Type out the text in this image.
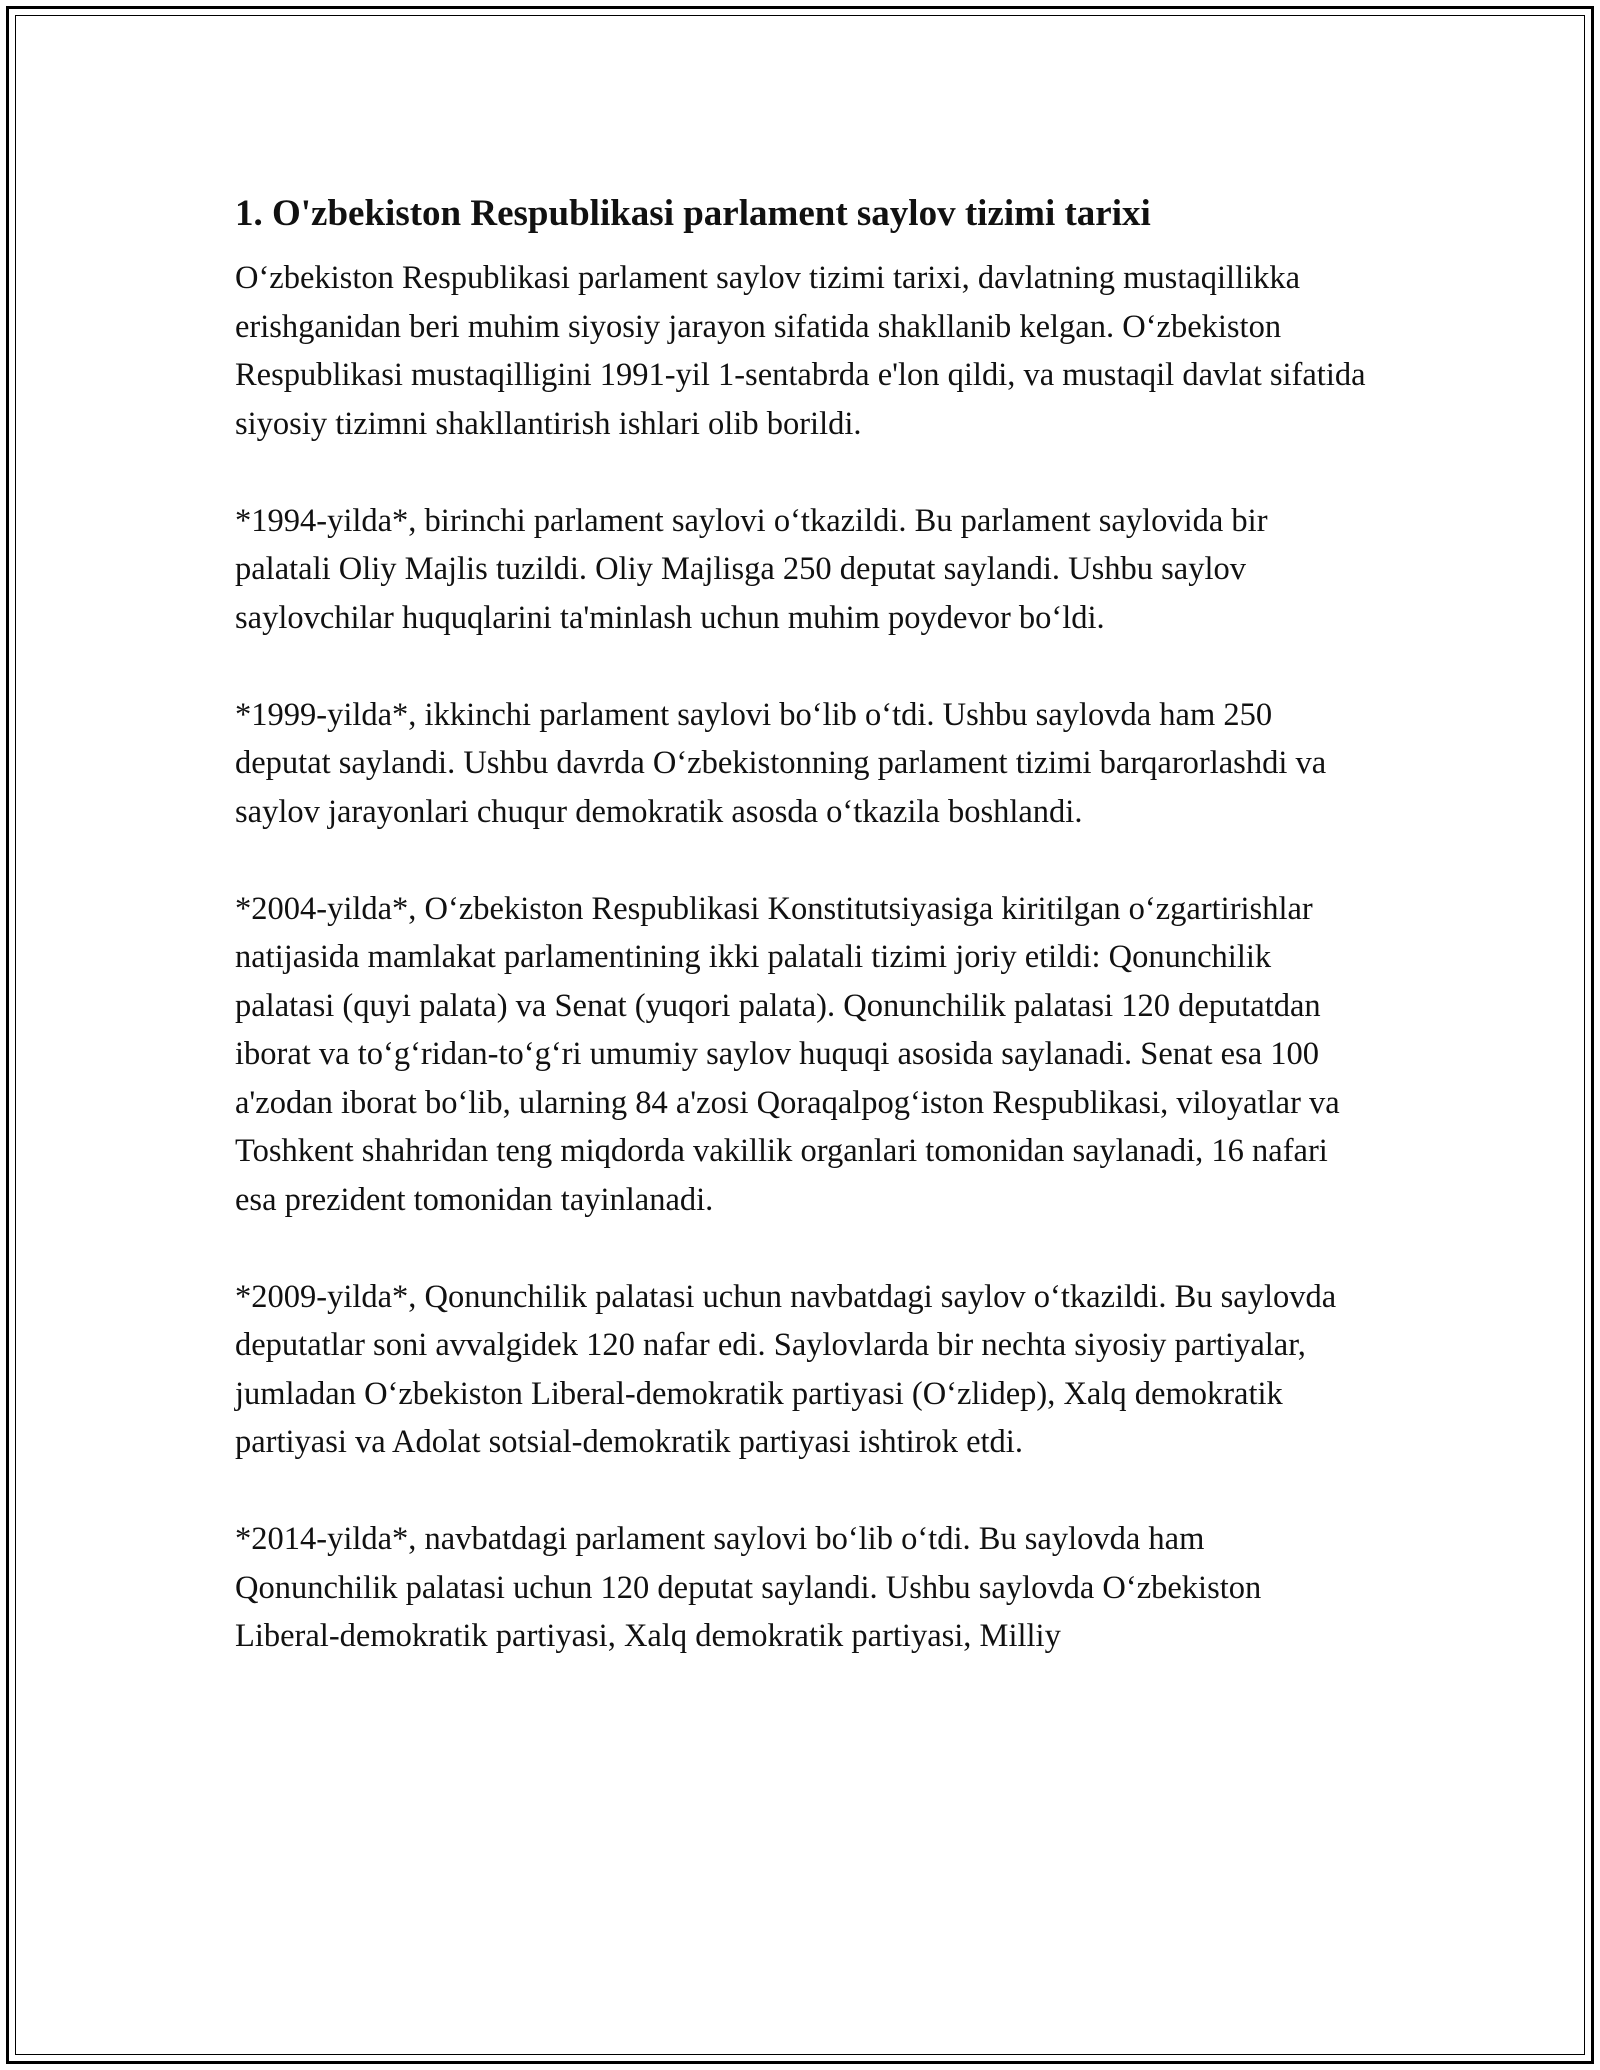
1. O'zbekiston Respublikasi parlament saylov tizimi tarixi

O‘zbekiston Respublikasi parlament saylov tizimi tarixi, davlatning mustaqillikka erishganidan beri muhim siyosiy jarayon sifatida shakllanib kelgan. O‘zbekiston Respublikasi mustaqilligini 1991-yil 1-sentabrda e'lon qildi, va mustaqil davlat sifatida siyosiy tizimni shakllantirish ishlari olib borildi.

*1994-yilda*, birinchi parlament saylovi o‘tkazildi. Bu parlament saylovida bir palatali Oliy Majlis tuzildi. Oliy Majlisga 250 deputat saylandi. Ushbu saylov saylovchilar huquqlarini ta'minlash uchun muhim poydevor bo‘ldi.

*1999-yilda*, ikkinchi parlament saylovi bo‘lib o‘tdi. Ushbu saylovda ham 250 deputat saylandi. Ushbu davrda O‘zbekistonning parlament tizimi barqarorlashdi va saylov jarayonlari chuqur demokratik asosda o‘tkazila boshlandi.

*2004-yilda*, O‘zbekiston Respublikasi Konstitutsiyasiga kiritilgan o‘zgartirishlar natijasida mamlakat parlamentining ikki palatali tizimi joriy etildi: Qonunchilik palatasi (quyi palata) va Senat (yuqori palata). Qonunchilik palatasi 120 deputatdan iborat va to‘g‘ridan-to‘g‘ri umumiy saylov huquqi asosida saylanadi. Senat esa 100 a'zodan iborat bo‘lib, ularning 84 a'zosi Qoraqalpog‘iston Respublikasi, viloyatlar va Toshkent shahridan teng miqdorda vakillik organlari tomonidan saylanadi, 16 nafari esa prezident tomonidan tayinlanadi.

*2009-yilda*, Qonunchilik palatasi uchun navbatdagi saylov o‘tkazildi. Bu saylovda deputatlar soni avvalgidek 120 nafar edi. Saylovlarda bir nechta siyosiy partiyalar, jumladan O‘zbekiston Liberal-demokratik partiyasi (O‘zlidep), Xalq demokratik partiyasi va Adolat sotsial-demokratik partiyasi ishtirok etdi.

*2014-yilda*, navbatdagi parlament saylovi bo‘lib o‘tdi. Bu saylovda ham Qonunchilik palatasi uchun 120 deputat saylandi. Ushbu saylovda O‘zbekiston Liberal-demokratik partiyasi, Xalq demokratik partiyasi, Milliy
